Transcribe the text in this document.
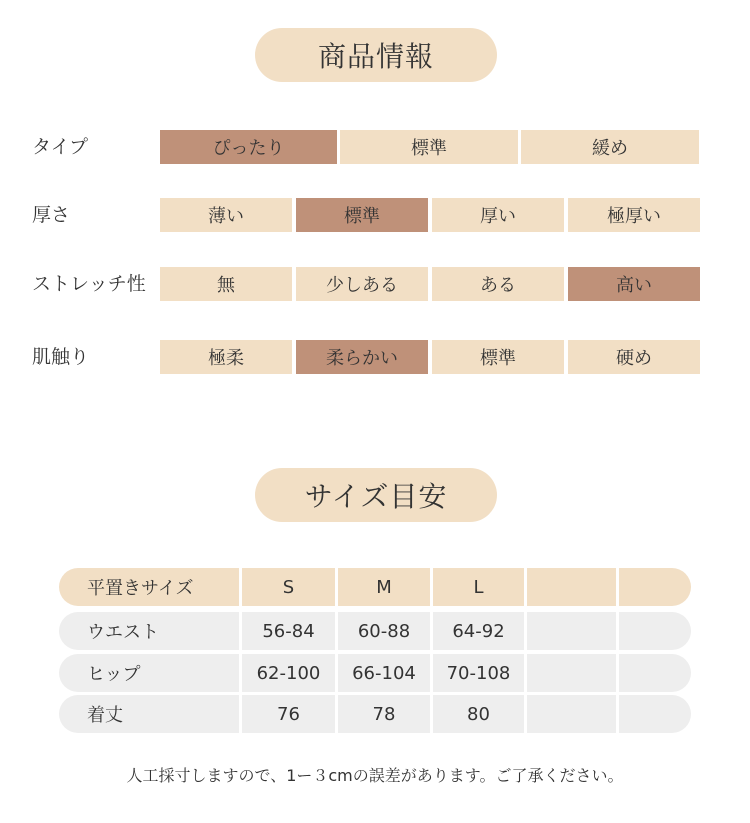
商品情報
タイプ	ぴったり	標準	緩め
厚さ	薄い	標準	厚い	極厚い
ストレッチ性	無	少しある	ある	高い
肌触り	極柔	柔らかい	標準	硬め
サイズ目安
平置きサイズ	S	M	L
ウエスト	56-84	60-88	64-92
ヒップ	62-100	66-104	70-108
着丈	76	78	80
人工採寸しますので、1ー３cmの誤差があります。ご了承ください。
